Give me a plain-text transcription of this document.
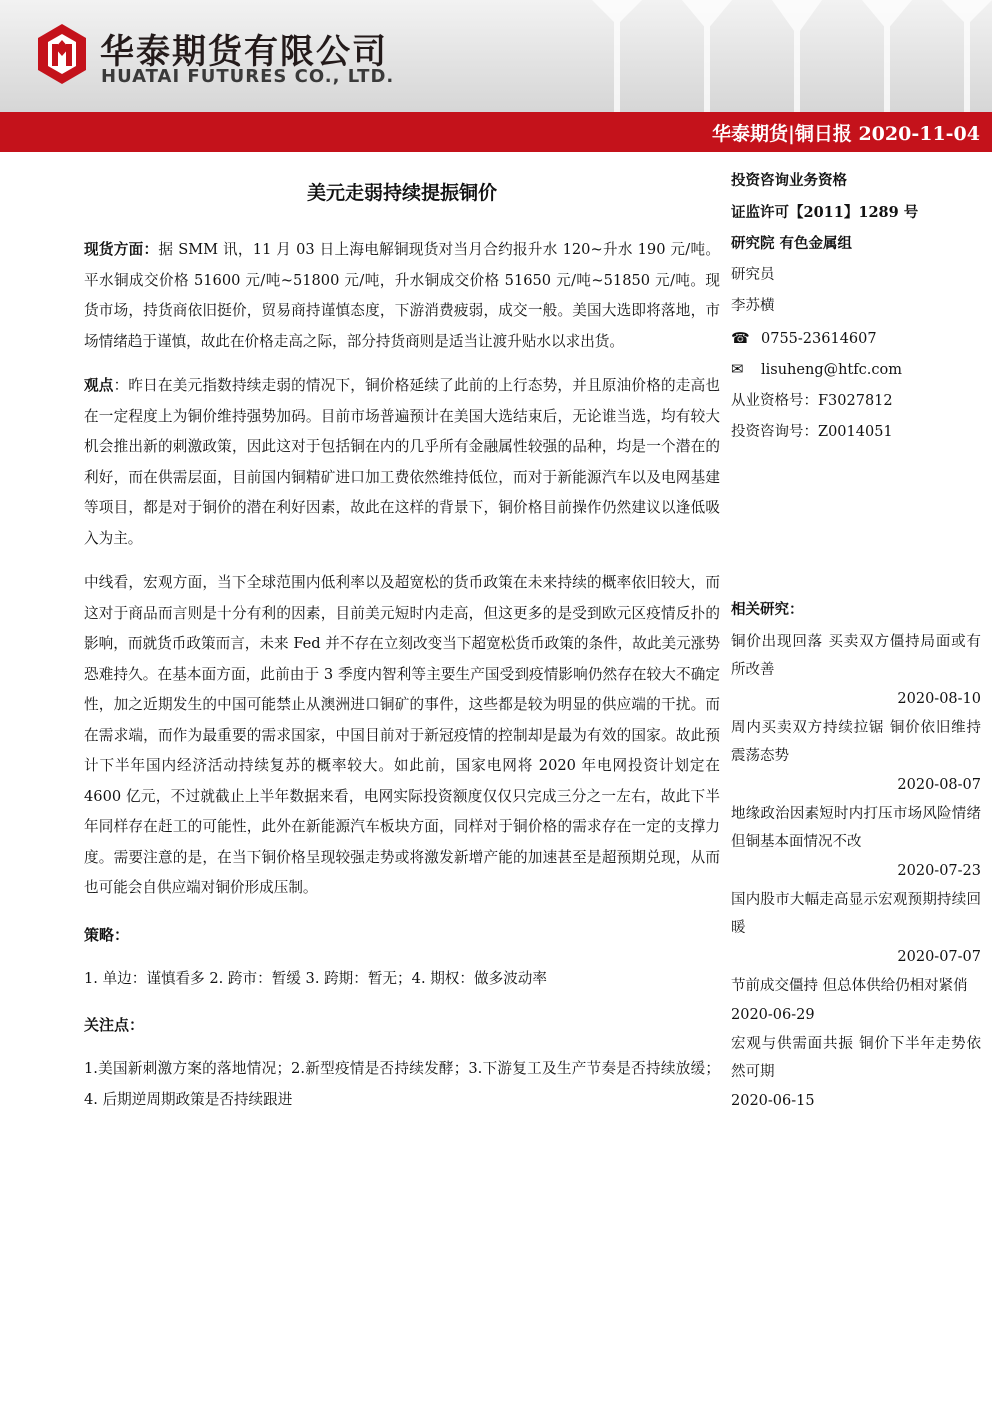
华泰期货有限公司
HUATAI FUTURES CO., LTD.
华泰期货|铜日报 2020-11-04
美元走弱持续提振铜价

现货方面：据 SMM 讯，11 月 03 日上海电解铜现货对当月合约报升水 120~升水 190 元/吨。平水铜成交价格 51600 元/吨~51800 元/吨，升水铜成交价格 51650 元/吨~51850 元/吨。现货市场，持货商依旧挺价，贸易商持谨慎态度，下游消费疲弱，成交一般。美国大选即将落地，市场情绪趋于谨慎，故此在价格走高之际，部分持货商则是适当让渡升贴水以求出货。

观点：昨日在美元指数持续走弱的情况下，铜价格延续了此前的上行态势，并且原油价格的走高也在一定程度上为铜价维持强势加码。目前市场普遍预计在美国大选结束后，无论谁当选，均有较大机会推出新的刺激政策，因此这对于包括铜在内的几乎所有金融属性较强的品种，均是一个潜在的利好，而在供需层面，目前国内铜精矿进口加工费依然维持低位，而对于新能源汽车以及电网基建等项目，都是对于铜价的潜在利好因素，故此在这样的背景下，铜价格目前操作仍然建议以逢低吸入为主。

中线看，宏观方面，当下全球范围内低利率以及超宽松的货币政策在未来持续的概率依旧较大，而这对于商品而言则是十分有利的因素，目前美元短时内走高，但这更多的是受到欧元区疫情反扑的影响，而就货币政策而言，未来 Fed 并不存在立刻改变当下超宽松货币政策的条件，故此美元涨势恐难持久。在基本面方面，此前由于 3 季度内智利等主要生产国受到疫情影响仍然存在较大不确定性，加之近期发生的中国可能禁止从澳洲进口铜矿的事件，这些都是较为明显的供应端的干扰。而在需求端，而作为最重要的需求国家，中国目前对于新冠疫情的控制却是最为有效的国家。故此预计下半年国内经济活动持续复苏的概率较大。如此前，国家电网将 2020 年电网投资计划定在 4600 亿元，不过就截止上半年数据来看，电网实际投资额度仅仅只完成三分之一左右，故此下半年同样存在赶工的可能性，此外在新能源汽车板块方面，同样对于铜价格的需求存在一定的支撑力度。需要注意的是，在当下铜价格呈现较强走势或将激发新增产能的加速甚至是超预期兑现，从而也可能会自供应端对铜价形成压制。

策略：

1. 单边：谨慎看多 2. 跨市：暂缓 3. 跨期：暂无；4. 期权：做多波动率

关注点：

1.美国新刺激方案的落地情况；2.新型疫情是否持续发酵；3.下游复工及生产节奏是否持续放缓；4. 后期逆周期政策是否持续跟进

投资咨询业务资格
证监许可【2011】1289 号
研究院 有色金属组
研究员
李苏横
☎ 0755-23614607
✉ lisuheng@htfc.com
从业资格号：F3027812
投资咨询号：Z0014051
相关研究：
铜价出现回落 买卖双方僵持局面或有所改善
2020-08-10
周内买卖双方持续拉锯 铜价依旧维持震荡态势
2020-08-07
地缘政治因素短时内打压市场风险情绪 但铜基本面情况不改
2020-07-23
国内股市大幅走高显示宏观预期持续回暖
2020-07-07
节前成交僵持 但总体供给仍相对紧俏
2020-06-29
宏观与供需面共振 铜价下半年走势依然可期
2020-06-15
